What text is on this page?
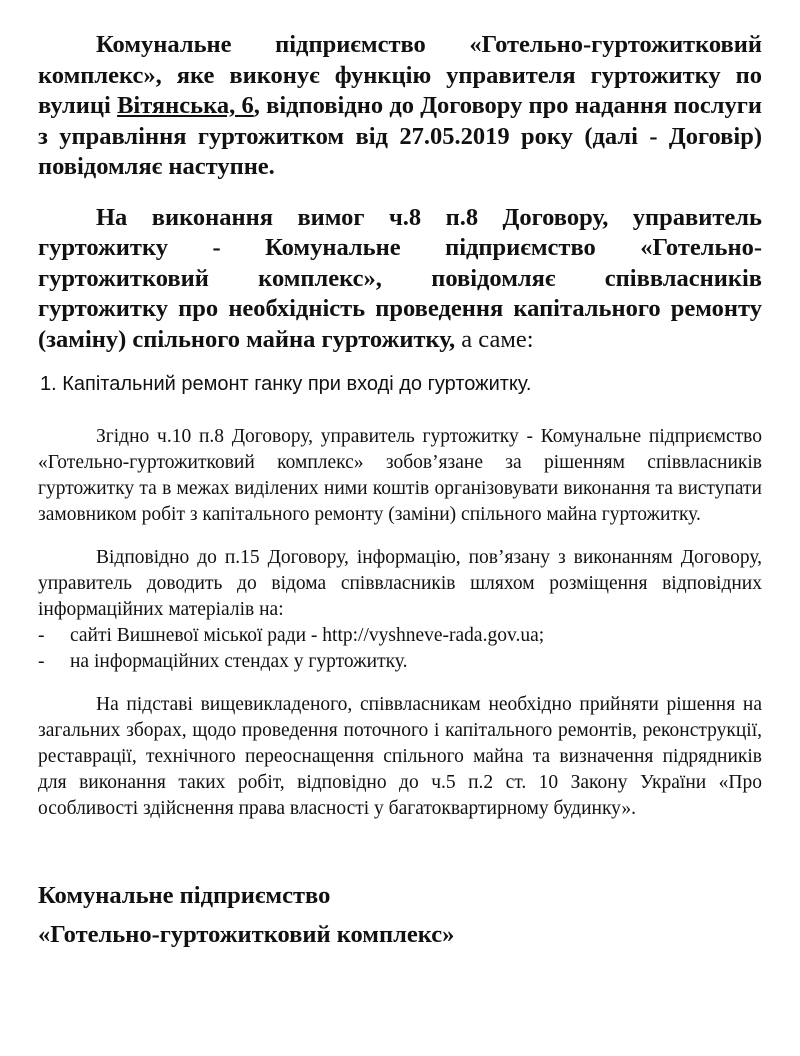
Комунальне підприємство «Готельно-гуртожитковий комплекс», яке виконує функцію управителя гуртожитку по вулиці Вітянська, 6, відповідно до Договору про надання послуги з управління гуртожитком від 27.05.2019 року (далі - Договір) повідомляє наступне.

На виконання вимог ч.8 п.8 Договору, управитель гуртожитку - Комунальне підприємство «Готельно-гуртожитковий комплекс», повідомляє співвласників гуртожитку про необхідність проведення капітального ремонту (заміну) спільного майна гуртожитку, а саме:

1. Капітальний ремонт ганку при вході до гуртожитку.

Згідно ч.10 п.8 Договору, управитель гуртожитку - Комунальне підприємство «Готельно-гуртожитковий комплекс» зобов’язане за рішенням співвласників гуртожитку та в межах виділених ними коштів організовувати виконання та виступати замовником робіт з капітального ремонту (заміни) спільного майна гуртожитку.

Відповідно до п.15 Договору, інформацію, пов’язану з виконанням Договору, управитель доводить до відома співвласників шляхом розміщення відповідних інформаційних матеріалів на:

-	сайті Вишневої міської ради - http://vyshneve-rada.gov.ua;
-	на інформаційних стендах у гуртожитку.

На підставі вищевикладеного, співвласникам необхідно прийняти рішення на загальних зборах, щодо проведення поточного і капітального ремонтів, реконструкції, реставрації, технічного переоснащення спільного майна та визначення підрядників для виконання таких робіт, відповідно до ч.5 п.2 ст. 10 Закону України «Про особливості здійснення права власності у багатоквартирному будинку».

Комунальне підприємство

«Готельно-гуртожитковий комплекс»
